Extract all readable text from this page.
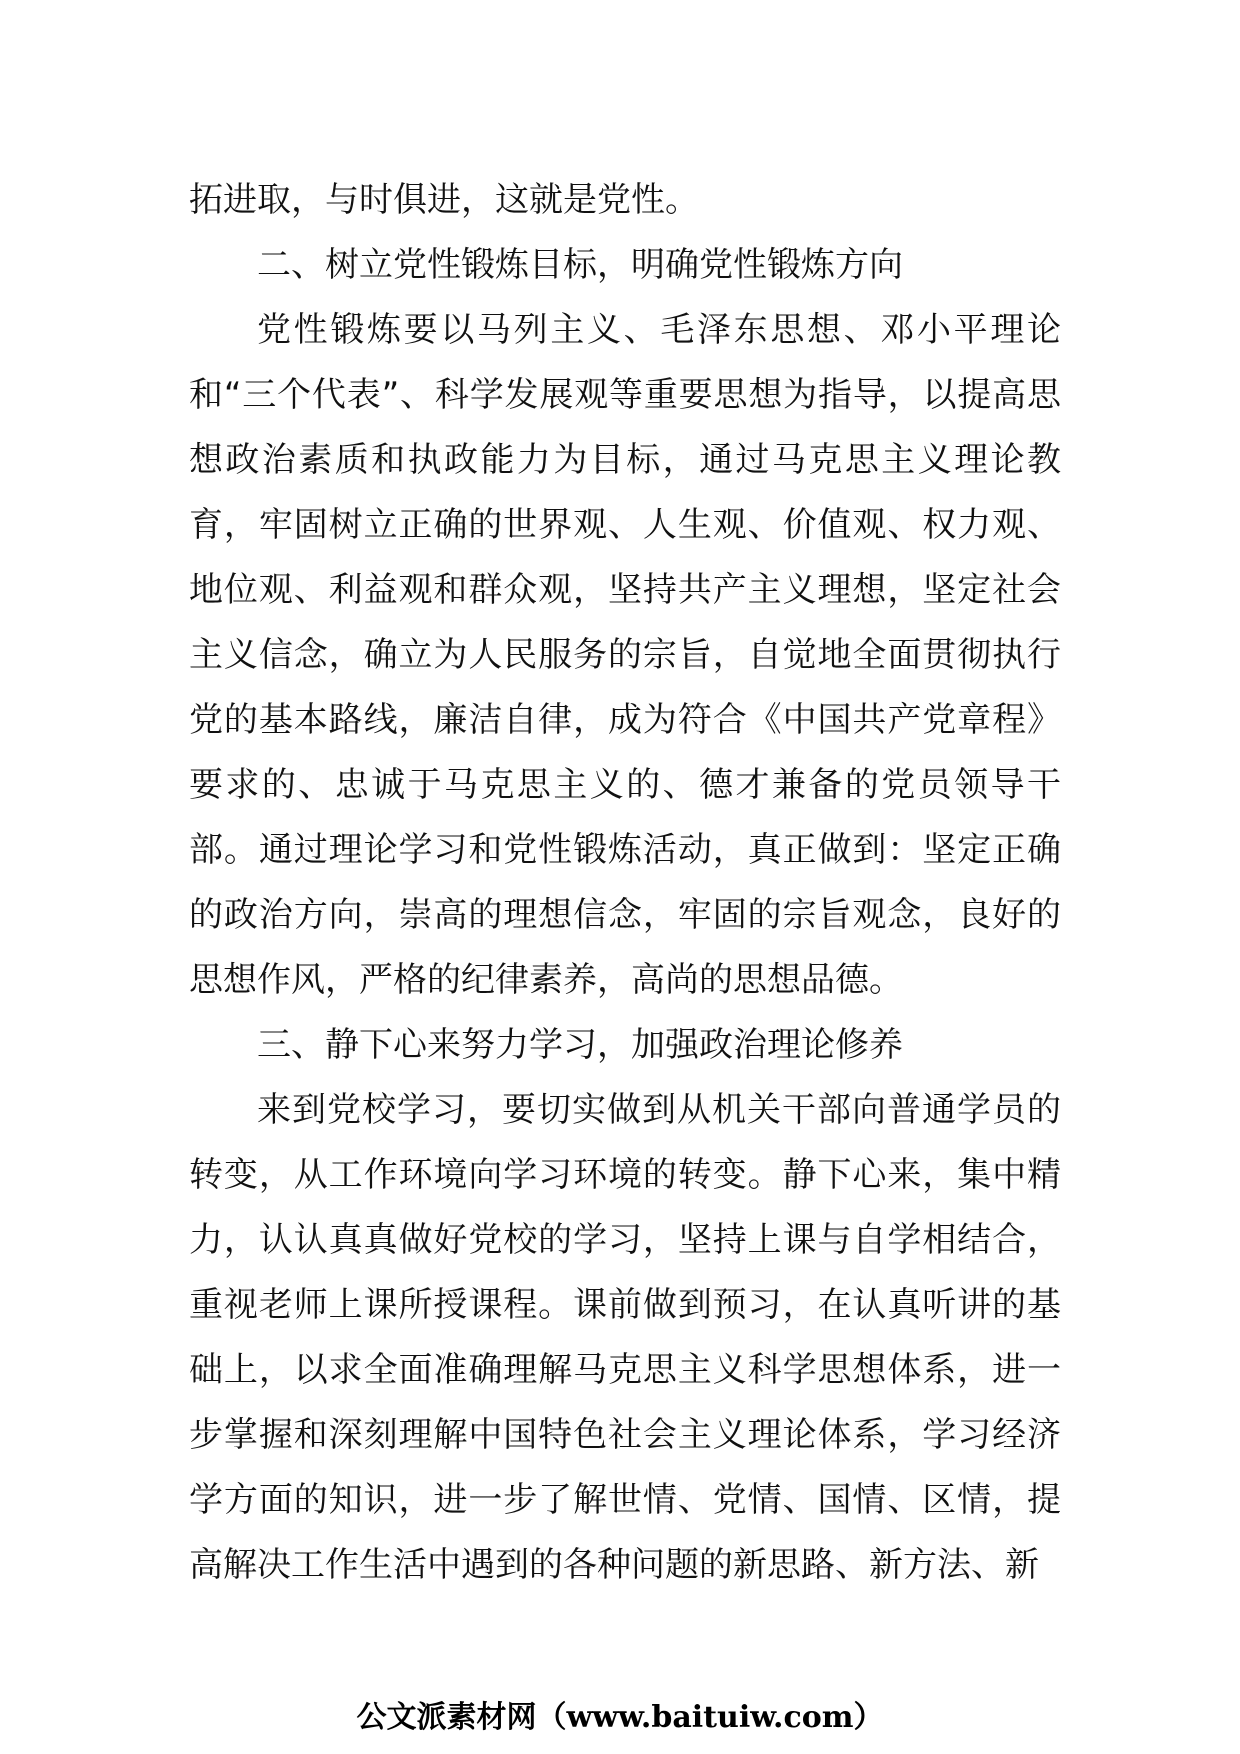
拓进取，与时俱进，这就是党性。

二、树立党性锻炼目标，明确党性锻炼方向

党性锻炼要以马列主义、毛泽东思想、邓小平理论和“三个代表”、科学发展观等重要思想为指导，以提高思想政治素质和执政能力为目标，通过马克思主义理论教育，牢固树立正确的世界观、人生观、价值观、权力观、地位观、利益观和群众观，坚持共产主义理想，坚定社会主义信念，确立为人民服务的宗旨，自觉地全面贯彻执行党的基本路线，廉洁自律，成为符合《中国共产党章程》要求的、忠诚于马克思主义的、德才兼备的党员领导干部。通过理论学习和党性锻炼活动，真正做到：坚定正确的政治方向，崇高的理想信念，牢固的宗旨观念，良好的思想作风，严格的纪律素养，高尚的思想品德。

三、静下心来努力学习，加强政治理论修养

来到党校学习，要切实做到从机关干部向普通学员的转变，从工作环境向学习环境的转变。静下心来，集中精力，认认真真做好党校的学习，坚持上课与自学相结合，重视老师上课所授课程。课前做到预习，在认真听讲的基础上，以求全面准确理解马克思主义科学思想体系，进一步掌握和深刻理解中国特色社会主义理论体系，学习经济学方面的知识，进一步了解世情、党情、国情、区情，提高解决工作生活中遇到的各种问题的新思路、新方法、新

公文派素材网（www.baituiw.com）
